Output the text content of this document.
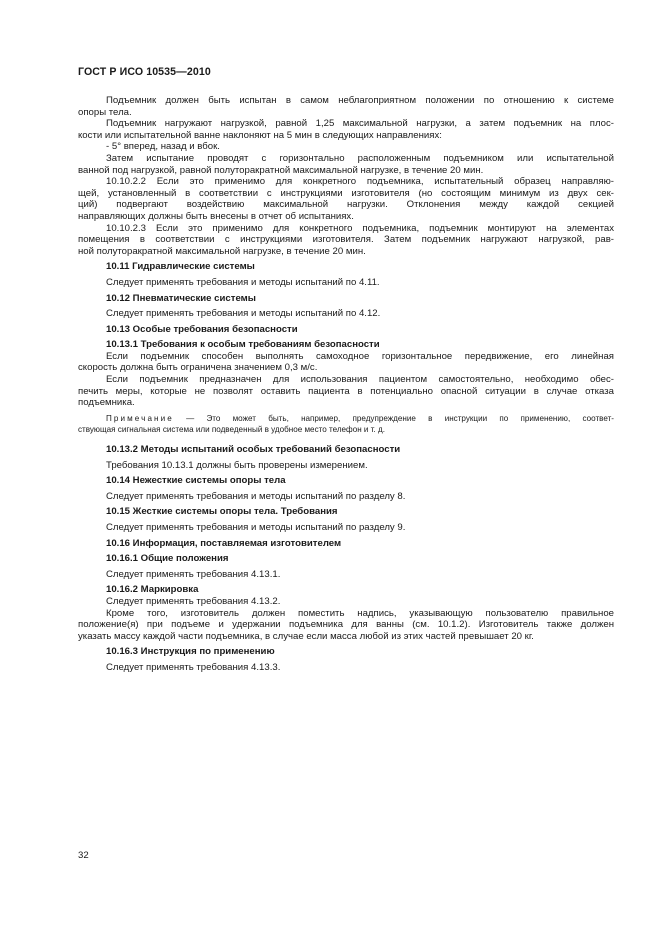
ГОСТ Р ИСО 10535—2010
Подъемник должен быть испытан в самом неблагоприятном положении по отношению к системе
опоры тела.
Подъемник нагружают нагрузкой, равной 1,25 максимальной нагрузки, а затем подъемник на плос-
кости или испытательной ванне наклоняют на 5 мин в следующих направлениях:
- 5° вперед, назад и вбок.
Затем испытание проводят с горизонтально расположенным подъемником или испытательной
ванной под нагрузкой, равной полуторакратной максимальной нагрузке, в течение 20 мин.
10.10.2.2 Если это применимо для конкретного подъемника, испытательный образец направляю-
щей, установленный в соответствии с инструкциями изготовителя (но состоящим минимум из двух сек-
ций) подвергают воздействию максимальной нагрузки. Отклонения между каждой секцией
направляющих должны быть внесены в отчет об испытаниях.
10.10.2.3 Если это применимо для конкретного подъемника, подъемник монтируют на элементах
помещения в соответствии с инструкциями изготовителя. Затем подъемник нагружают нагрузкой, рав-
ной полуторакратной максимальной нагрузке, в течение 20 мин.
10.11 Гидравлические системы
Следует применять требования и методы испытаний по 4.11.
10.12 Пневматические системы
Следует применять требования и методы испытаний по 4.12.
10.13 Особые требования безопасности
10.13.1 Требования к особым требованиям безопасности
Если подъемник способен выполнять самоходное горизонтальное передвижение, его линейная
скорость должна быть ограничена значением 0,3 м/с.
Если подъемник предназначен для использования пациентом самостоятельно, необходимо обес-
печить меры, которые не позволят оставить пациента в потенциально опасной ситуации в случае отказа
подъемника.
Примечание — Это может быть, например, предупреждение в инструкции по применению, соответ-
ствующая сигнальная система или подведенный в удобное место телефон и т. д.
10.13.2 Методы испытаний особых требований безопасности
Требования 10.13.1 должны быть проверены измерением.
10.14 Нежесткие системы опоры тела
Следует применять требования и методы испытаний по разделу 8.
10.15 Жесткие системы опоры тела. Требования
Следует применять требования и методы испытаний по разделу 9.
10.16 Информация, поставляемая изготовителем
10.16.1 Общие положения
Следует применять требования 4.13.1.
10.16.2 Маркировка
Следует применять требования 4.13.2.
Кроме того, изготовитель должен поместить надпись, указывающую пользователю правильное
положение(я) при подъеме и удержании подъемника для ванны (см. 10.1.2). Изготовитель также должен
указать массу каждой части подъемника, в случае если масса любой из этих частей превышает 20 кг.
10.16.3 Инструкция по применению
Следует применять требования 4.13.3.
32
